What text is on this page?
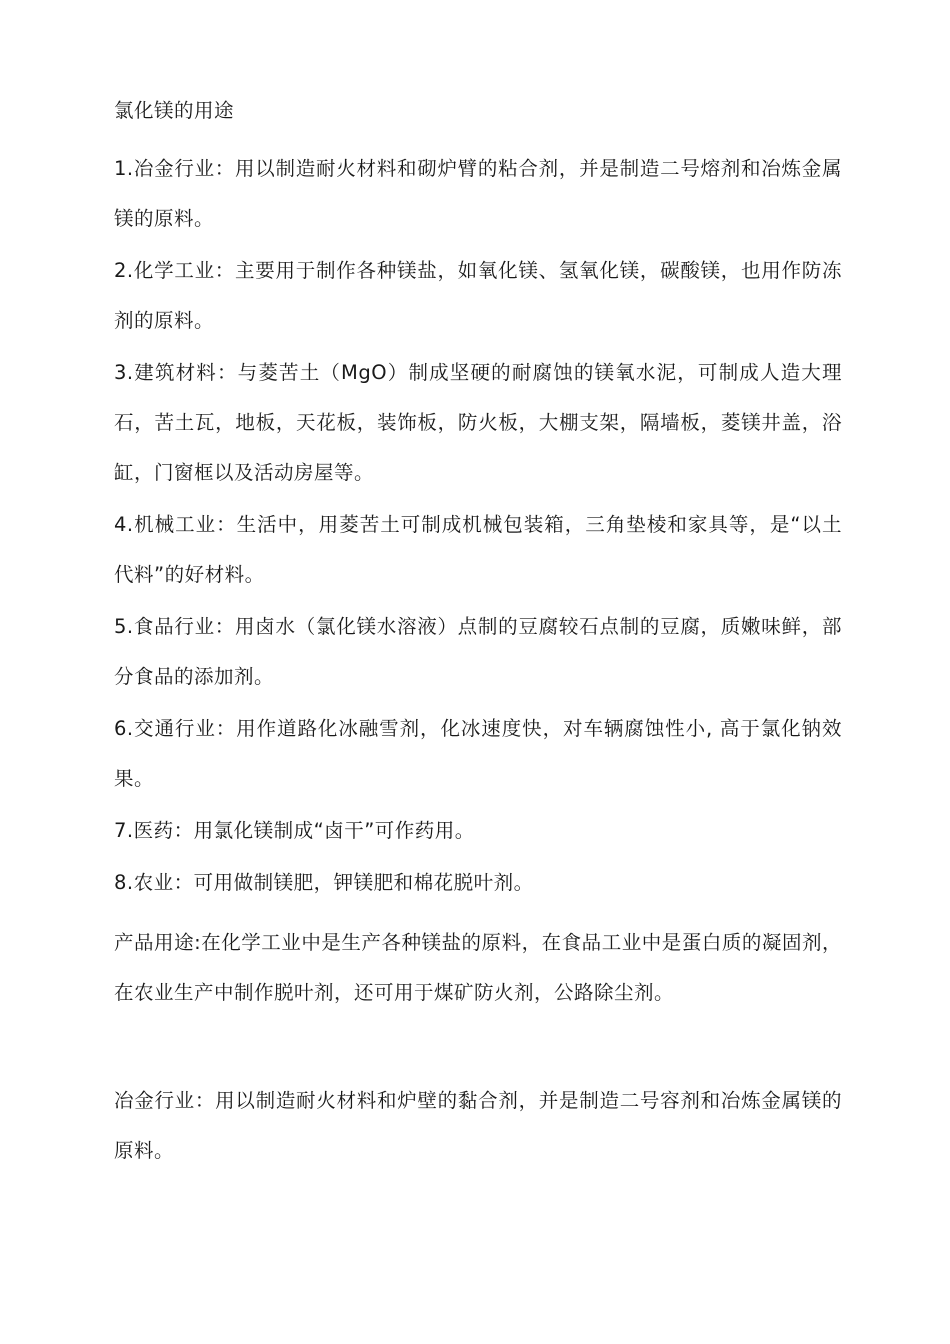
氯化镁的用途

1.冶金行业：用以制造耐火材料和砌炉臂的粘合剂，并是制造二号熔剂和冶炼金属镁的原料。

2.化学工业：主要用于制作各种镁盐，如氧化镁、氢氧化镁，碳酸镁，也用作防冻剂的原料。

3.建筑材料：与菱苦土（MgO）制成坚硬的耐腐蚀的镁氧水泥，可制成人造大理石，苦土瓦，地板，天花板，装饰板，防火板，大棚支架，隔墙板，菱镁井盖，浴缸，门窗框以及活动房屋等。

4.机械工业：生活中，用菱苦土可制成机械包装箱，三角垫棱和家具等，是“以土代料”的好材料。

5.食品行业：用卤水（氯化镁水溶液）点制的豆腐较石点制的豆腐，质嫩味鲜，部分食品的添加剂。

6.交通行业：用作道路化冰融雪剂，化冰速度快，对车辆腐蚀性小, 高于氯化钠效果。

7.医药：用氯化镁制成“卤干”可作药用。

8.农业：可用做制镁肥，钾镁肥和棉花脱叶剂。

产品用途:在化学工业中是生产各种镁盐的原料，在食品工业中是蛋白质的凝固剂，在农业生产中制作脱叶剂，还可用于煤矿防火剂，公路除尘剂。

冶金行业：用以制造耐火材料和炉壁的黏合剂，并是制造二号容剂和冶炼金属镁的原料。
